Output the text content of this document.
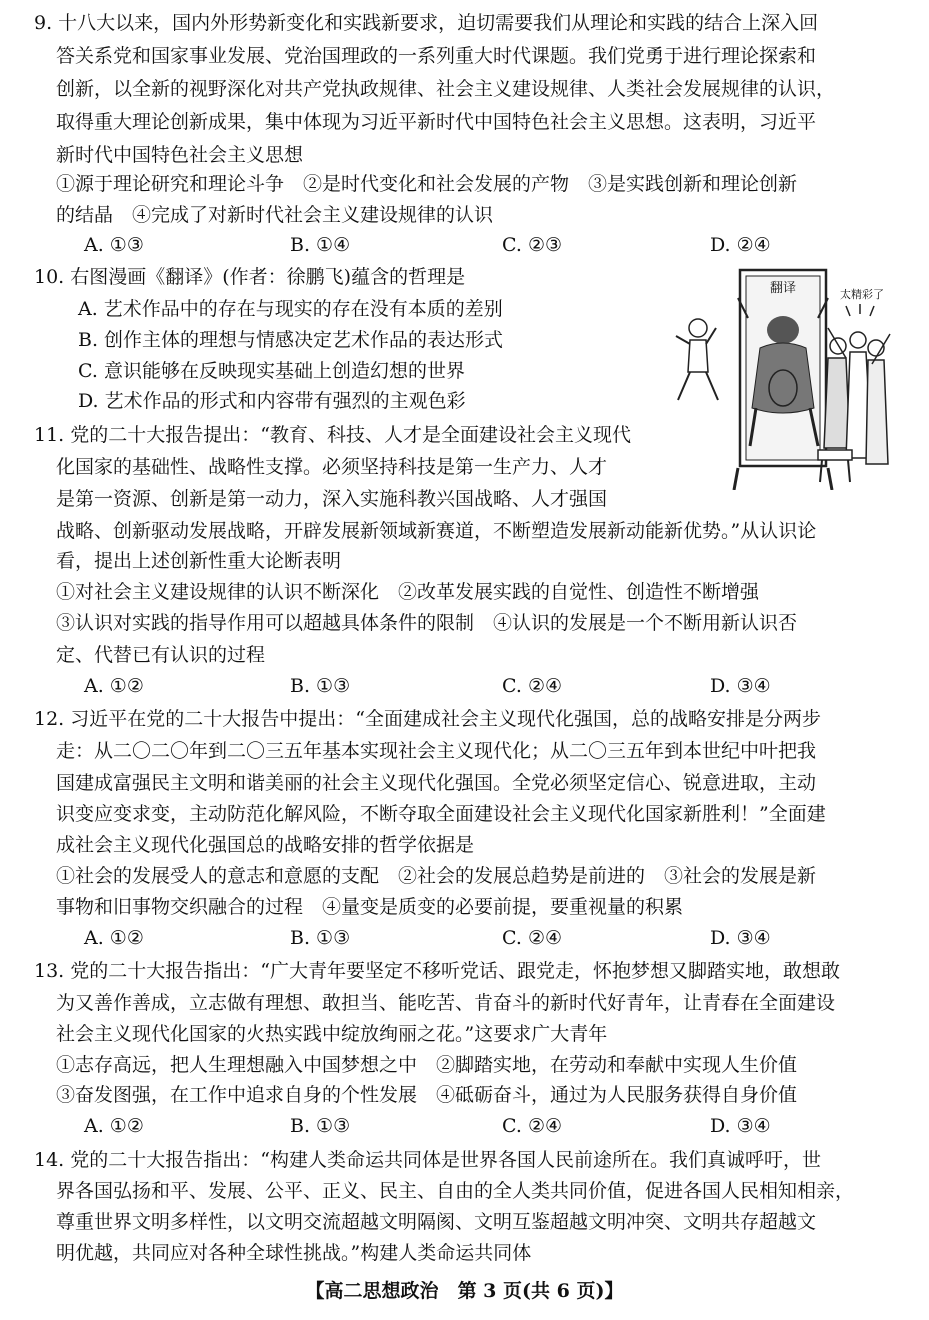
9. 十八大以来，国内外形势新变化和实践新要求，迫切需要我们从理论和实践的结合上深入回
答关系党和国家事业发展、党治国理政的一系列重大时代课题。我们党勇于进行理论探索和
创新，以全新的视野深化对共产党执政规律、社会主义建设规律、人类社会发展规律的认识，
取得重大理论创新成果，集中体现为习近平新时代中国特色社会主义思想。这表明，习近平
新时代中国特色社会主义思想
①源于理论研究和理论斗争　②是时代变化和社会发展的产物　③是实践创新和理论创新
的结晶　④完成了对新时代社会主义建设规律的认识
A. ①③	B. ①④	C. ②③	D. ②④
10. 右图漫画《翻译》(作者：徐鹏飞)蕴含的哲理是
A. 艺术作品中的存在与现实的存在没有本质的差别
B. 创作主体的理想与情感决定艺术作品的表达形式
C. 意识能够在反映现实基础上创造幻想的世界
D. 艺术作品的形式和内容带有强烈的主观色彩
翻译	太精彩了
11. 党的二十大报告提出：“教育、科技、人才是全面建设社会主义现代
化国家的基础性、战略性支撑。必须坚持科技是第一生产力、人才
是第一资源、创新是第一动力，深入实施科教兴国战略、人才强国
战略、创新驱动发展战略，开辟发展新领域新赛道，不断塑造发展新动能新优势。”从认识论
看，提出上述创新性重大论断表明
①对社会主义建设规律的认识不断深化　②改革发展实践的自觉性、创造性不断增强
③认识对实践的指导作用可以超越具体条件的限制　④认识的发展是一个不断用新认识否
定、代替已有认识的过程
A. ①②	B. ①③	C. ②④	D. ③④
12. 习近平在党的二十大报告中提出：“全面建成社会主义现代化强国，总的战略安排是分两步
走：从二〇二〇年到二〇三五年基本实现社会主义现代化；从二〇三五年到本世纪中叶把我
国建成富强民主文明和谐美丽的社会主义现代化强国。全党必须坚定信心、锐意进取，主动
识变应变求变，主动防范化解风险，不断夺取全面建设社会主义现代化国家新胜利！”全面建
成社会主义现代化强国总的战略安排的哲学依据是
①社会的发展受人的意志和意愿的支配　②社会的发展总趋势是前进的　③社会的发展是新
事物和旧事物交织融合的过程　④量变是质变的必要前提，要重视量的积累
A. ①②	B. ①③	C. ②④	D. ③④
13. 党的二十大报告指出：“广大青年要坚定不移听党话、跟党走，怀抱梦想又脚踏实地，敢想敢
为又善作善成，立志做有理想、敢担当、能吃苦、肯奋斗的新时代好青年，让青春在全面建设
社会主义现代化国家的火热实践中绽放绚丽之花。”这要求广大青年
①志存高远，把人生理想融入中国梦想之中　②脚踏实地，在劳动和奉献中实现人生价值
③奋发图强，在工作中追求自身的个性发展　④砥砺奋斗，通过为人民服务获得自身价值
A. ①②	B. ①③	C. ②④	D. ③④
14. 党的二十大报告指出：“构建人类命运共同体是世界各国人民前途所在。我们真诚呼吁，世
界各国弘扬和平、发展、公平、正义、民主、自由的全人类共同价值，促进各国人民相知相亲，
尊重世界文明多样性，以文明交流超越文明隔阂、文明互鉴超越文明冲突、文明共存超越文
明优越，共同应对各种全球性挑战。”构建人类命运共同体
【高二思想政治　 第 3 页(共 6 页)】
